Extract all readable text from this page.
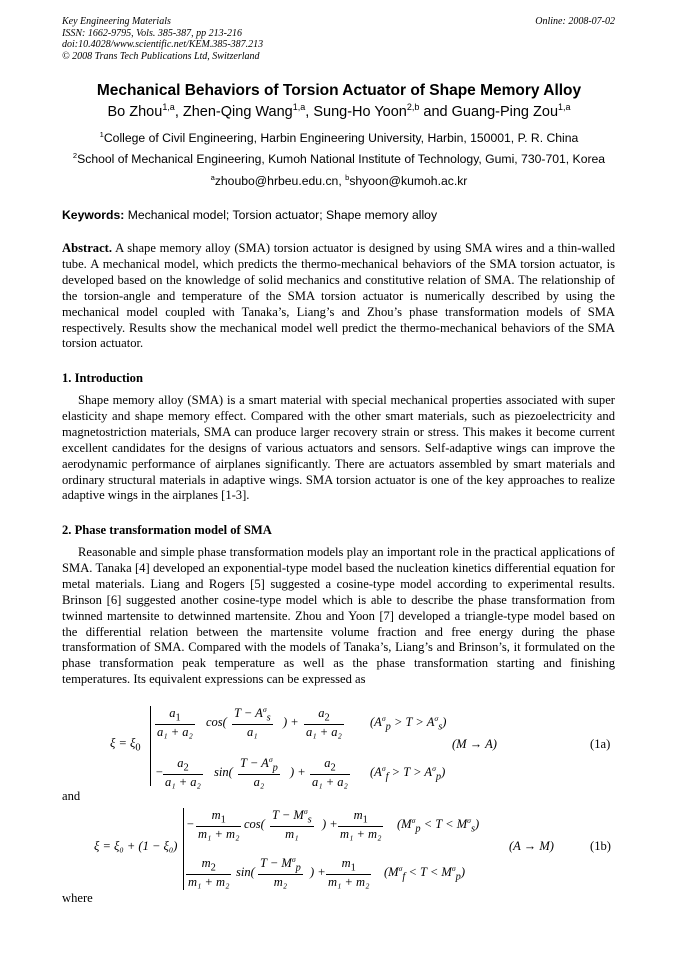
Key Engineering Materials
ISSN: 1662-9795, Vols. 385-387, pp 213-216
doi:10.4028/www.scientific.net/KEM.385-387.213
© 2008 Trans Tech Publications Ltd, Switzerland
Online: 2008-07-02
Mechanical Behaviors of Torsion Actuator of Shape Memory Alloy
Bo Zhou$^{1,a}$, Zhen-Qing Wang$^{1,a}$, Sung-Ho Yoon$^{2,b}$ and Guang-Ping Zou$^{1,a}$
$^1$College of Civil Engineering, Harbin Engineering University, Harbin, 150001, P. R. China
$^2$School of Mechanical Engineering, Kumoh National Institute of Technology, Gumi, 730-701, Korea
$^a$zhoubo@hrbeu.edu.cn, $^b$shyoon@kumoh.ac.kr
Keywords: Mechanical model; Torsion actuator; Shape memory alloy

Abstract. A shape memory alloy (SMA) torsion actuator is designed by using SMA wires and a thin-walled tube. A mechanical model, which predicts the thermo-mechanical behaviors of the SMA torsion actuator, is developed based on the knowledge of solid mechanics and constitutive relation of SMA. The relationship of the torsion-angle and temperature of the SMA torsion actuator is numerically described by using the mechanical model coupled with Tanaka’s, Liang’s and Zhou’s phase transformation models of SMA respectively. Results show the mechanical model well predict the thermo-mechanical behaviors of the SMA torsion actuator.

1. Introduction

Shape memory alloy (SMA) is a smart material with special mechanical properties associated with super elasticity and shape memory effect. Compared with the other smart materials, such as piezoelectricity and magnetostriction materials, SMA can produce larger recovery strain or stress. This makes it become current excellent candidates for the designs of various actuators and sensors. Self-adaptive wings can improve the aerodynamic performance of airplanes significantly. There are actuators assembled by smart materials and ordinary structural materials in adaptive wings. SMA torsion actuator is one of the key approaches to realize adaptive wings in the airplanes [1-3].

2. Phase transformation model of SMA

Reasonable and simple phase transformation models play an important role in the practical applications of SMA. Tanaka [4] developed an exponential-type model based the nucleation kinetics differential equation for metal materials. Liang and Rogers [5] suggested a cosine-type model according to experimental results. Brinson [6] suggested another cosine-type model which is able to describe the phase transformation from twinned martensite to detwinned martensite. Zhou and Yoon [7] developed a triangle-type model based on the differential relation between the martensite volume fraction and free energy during the phase transformation of SMA. Compared with the models of Tanaka’s, Liang’s and Brinson’s, it formulated on the phase transformation peak temperature as well as the phase transformation starting and finishing temperatures. Its equivalent expressions can be expressed as

$\xi = \xi_0$
$\frac{a_1}{\text{a₁ + a₂}} \cos$(
$T - A^\sigma_s$
a₁
) + $\frac{a_2}{\text{a₁ + a₂}} (A^\sigma_p > T > A^\sigma_s)$
− $\frac{a_2}{\text{a₁ + a₂}} \sin$(
$T - A^\sigma_p$
a₂
) + $\frac{a_2}{\text{a₁ + a₂}} (A^\sigma_f > T > A^\sigma_p)$
(M → A)	(1a)
and
ξ = ξ₀ + (1 − ξ₀)
− $\frac{m_1}{\text{m₁ + m₂}} \cos$(
$T - M^\sigma_s$
m₁
) + $\frac{m_1}{\text{m₁ + m₂}} (M^\sigma_p < T < M^\sigma_s)$
$\frac{m_2}{\text{m₁ + m₂}} \sin$(
$T - M^\sigma_p$
m₂
) + $\frac{m_1}{\text{m₁ + m₂}} (M^\sigma_f < T < M^\sigma_p)$
(A → M)	(1b)
where
